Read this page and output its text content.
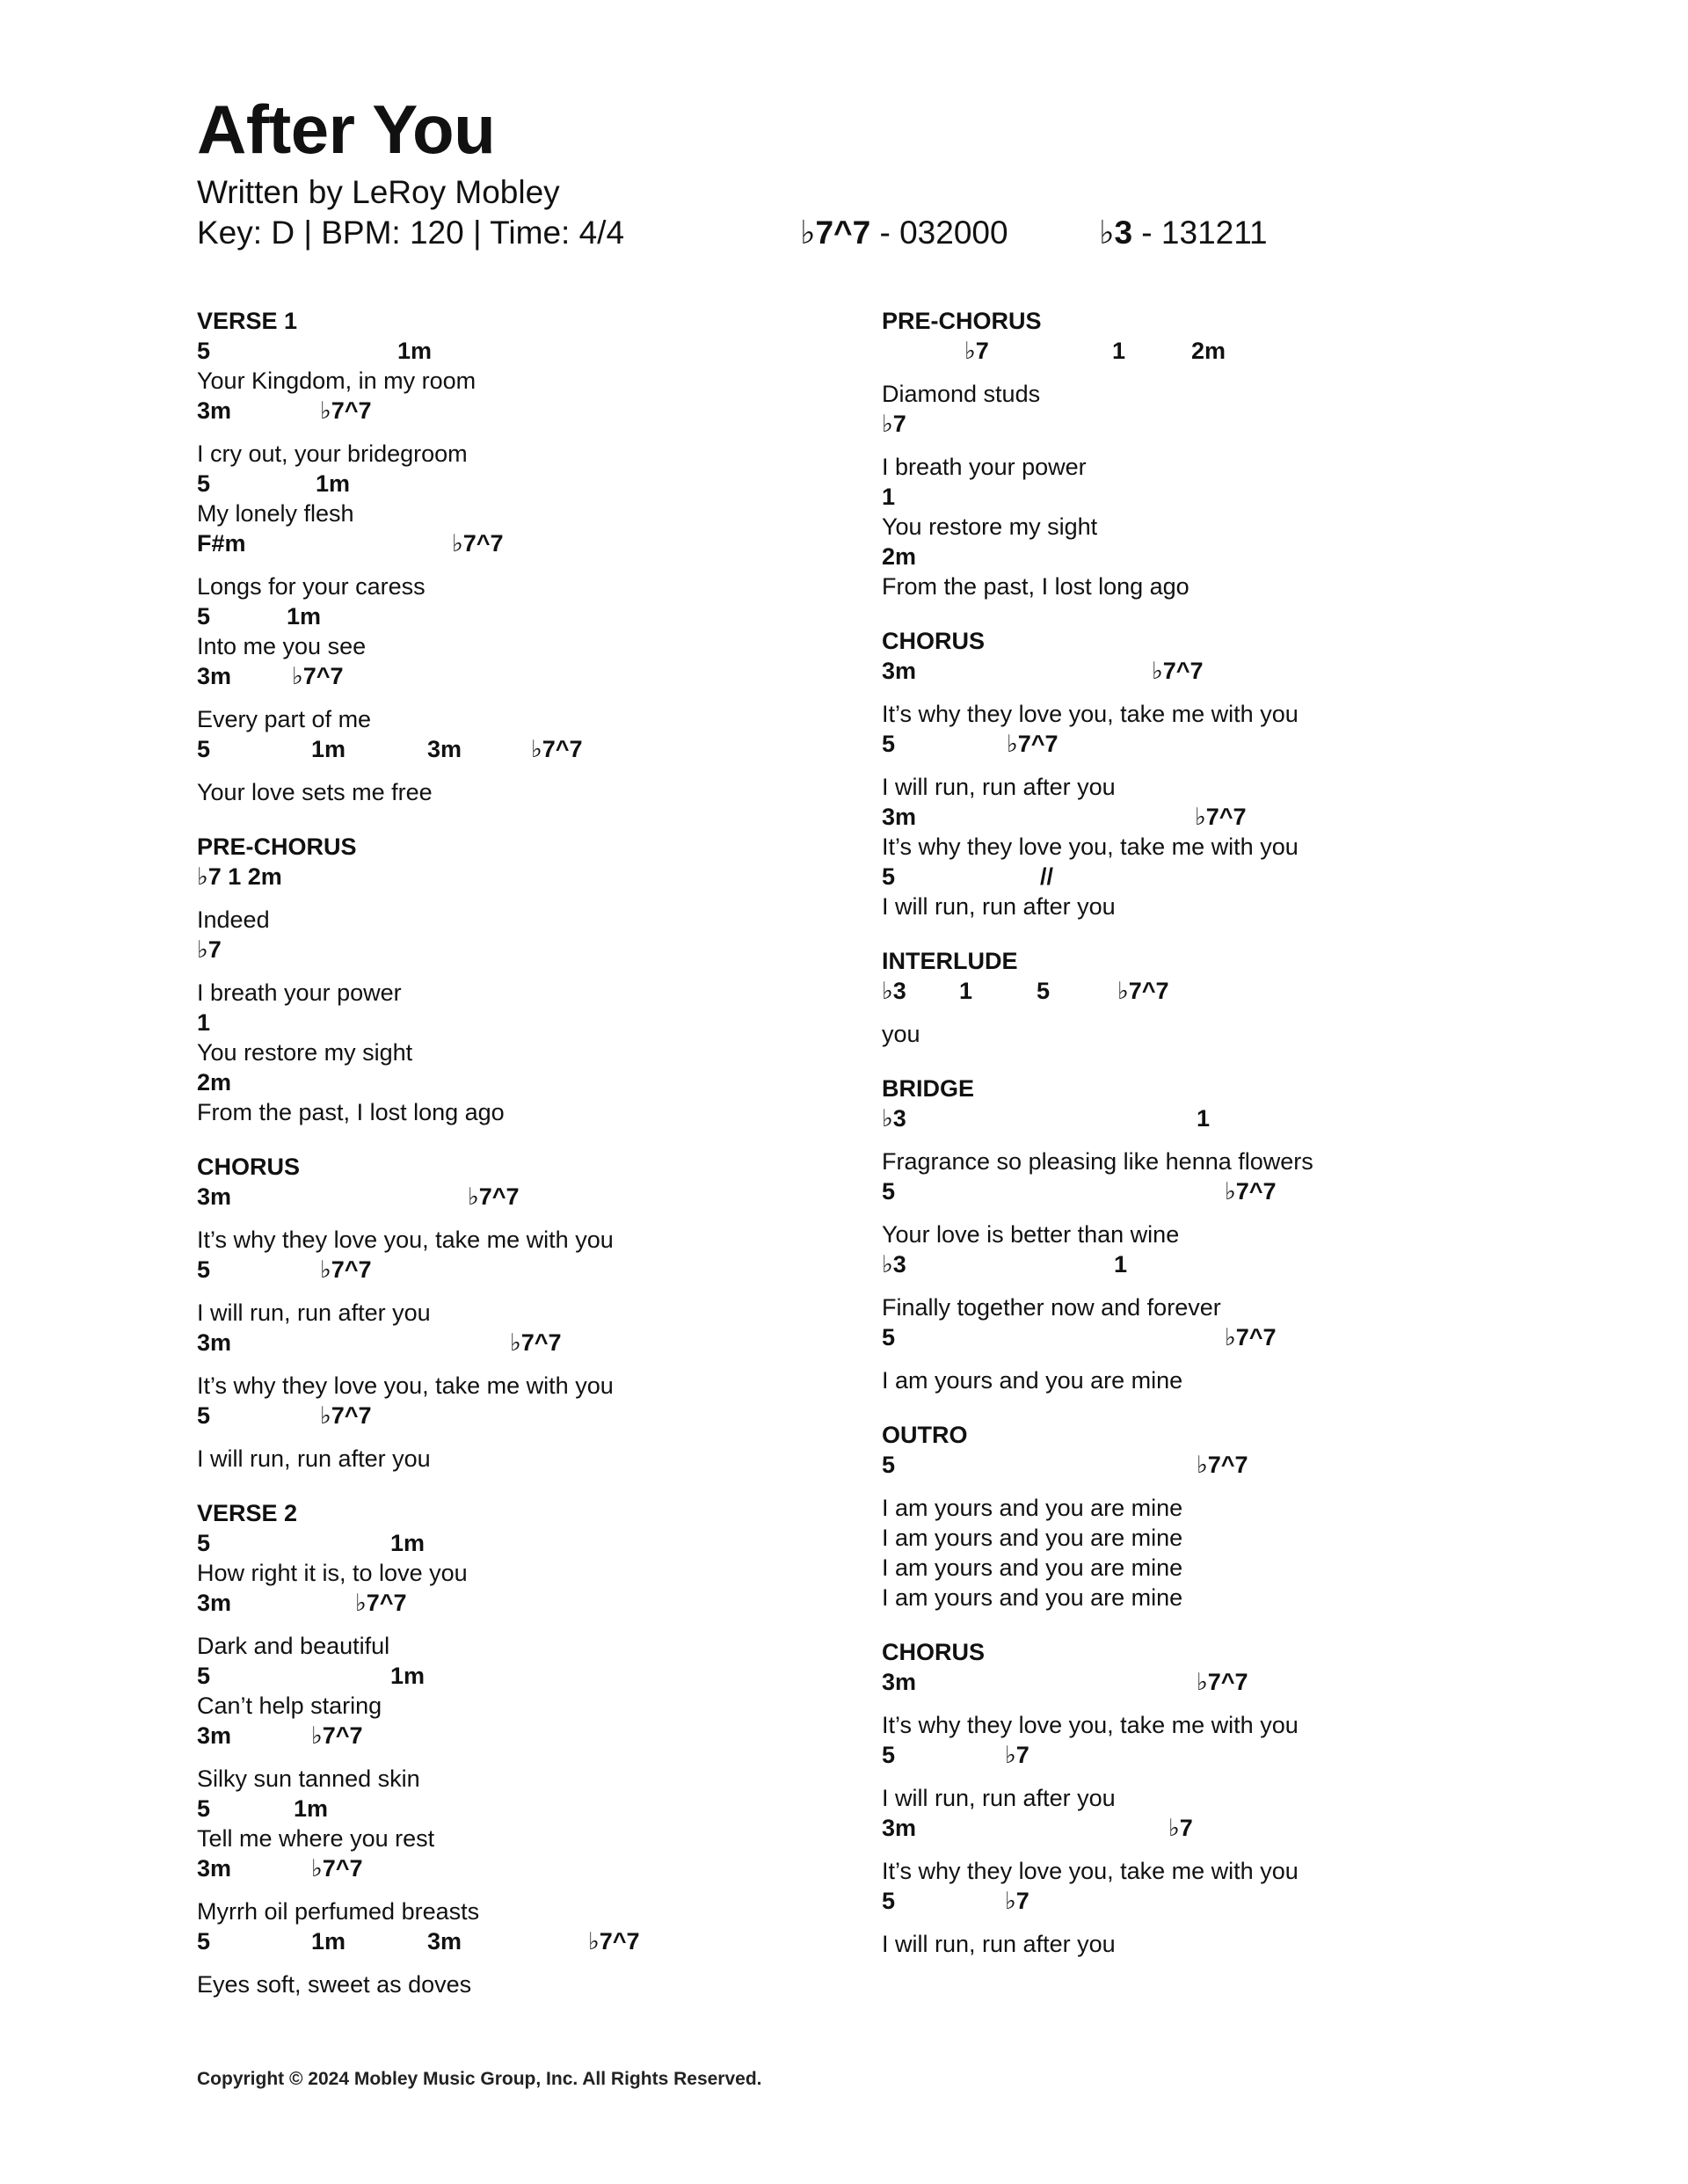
After You
Written by LeRoy Mobley
Key: D | BPM: 120 | Time: 4/4	♭7^7 - 032000	♭3 - 131211
VERSE 1
5	1m
Your Kingdom, in my room
3m	♭7^7
I cry out, your bridegroom
5	1m
My lonely flesh
F#m	♭7^7
Longs for your caress
5	1m
Into me you see
3m	♭7^7
Every part of me
5	1m	3m	♭7^7
Your love sets me free
PRE-CHORUS
♭7 1 2m
Indeed
♭7
I breath your power
1
You restore my sight
2m
From the past, I lost long ago
CHORUS
3m	♭7^7
It’s why they love you, take me with you
5	♭7^7
I will run, run after you
3m	♭7^7
It’s why they love you, take me with you
5	♭7^7
I will run, run after you
VERSE 2
5	1m
How right it is, to love you
3m	♭7^7
Dark and beautiful
5	1m
Can’t help staring
3m	♭7^7
Silky sun tanned skin
5	1m
Tell me where you rest
3m	♭7^7
Myrrh oil perfumed breasts
5	1m	3m	♭7^7
Eyes soft, sweet as doves
PRE-CHORUS
♭7	1	2m
Diamond studs
♭7
I breath your power
1
You restore my sight
2m
From the past, I lost long ago
CHORUS
3m	♭7^7
It’s why they love you, take me with you
5	♭7^7
I will run, run after you
3m	♭7^7
It’s why they love you, take me with you
5	//
I will run, run after you
INTERLUDE
♭3 1	5	♭7^7
you
BRIDGE
♭3	1
Fragrance so pleasing like henna flowers
5	♭7^7
Your love is better than wine
♭3	1
Finally together now and forever
5	♭7^7
I am yours and you are mine
OUTRO
5	♭7^7
I am yours and you are mine
I am yours and you are mine
I am yours and you are mine
I am yours and you are mine
CHORUS
3m	♭7^7
It’s why they love you, take me with you
5	♭7
I will run, run after you
3m	♭7
It’s why they love you, take me with you
5	♭7
I will run, run after you
Copyright © 2024 Mobley Music Group, Inc. All Rights Reserved.
